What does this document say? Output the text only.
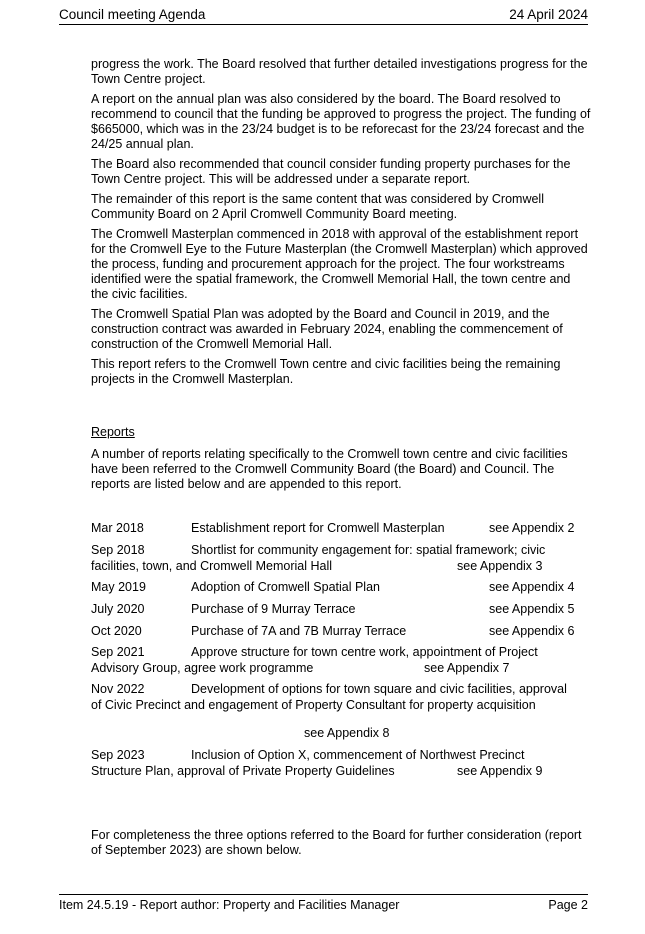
Council meeting Agenda	24 April 2024

progress the work. The Board resolved that further detailed investigations progress for the Town Centre project.

A report on the annual plan was also considered by the board. The Board resolved to recommend to council that the funding be approved to progress the project. The funding of $665000, which was in the 23/24 budget is to be reforecast for the 23/24 forecast and the 24/25 annual plan.

The Board also recommended that council consider funding property purchases for the Town Centre project. This will be addressed under a separate report.

The remainder of this report is the same content that was considered by Cromwell Community Board on 2 April Cromwell Community Board meeting.

The Cromwell Masterplan commenced in 2018 with approval of the establishment report for the Cromwell Eye to the Future Masterplan (the Cromwell Masterplan) which approved the process, funding and procurement approach for the project. The four workstreams identified were the spatial framework, the Cromwell Memorial Hall, the town centre and the civic facilities.

The Cromwell Spatial Plan was adopted by the Board and Council in 2019, and the construction contract was awarded in February 2024, enabling the commencement of construction of the Cromwell Memorial Hall.

This report refers to the Cromwell Town centre and civic facilities being the remaining projects in the Cromwell Masterplan.

Reports

A number of reports relating specifically to the Cromwell town centre and civic facilities have been referred to the Cromwell Community Board (the Board) and Council. The reports are listed below and are appended to this report.

Mar 2018	Establishment report for Cromwell Masterplan	see Appendix 2
Sep 2018	Shortlist for community engagement for: spatial framework; civic
facilities, town, and Cromwell Memorial Hall	see Appendix 3
May 2019	Adoption of Cromwell Spatial Plan	see Appendix 4
July 2020	Purchase of 9 Murray Terrace	see Appendix 5
Oct 2020	Purchase of 7A and 7B Murray Terrace	see Appendix 6
Sep 2021	Approve structure for town centre work, appointment of Project
Advisory Group, agree work programme	see Appendix 7
Nov 2022	Development of options for town square and civic facilities, approval
of Civic Precinct and engagement of Property Consultant for property acquisition
see Appendix 8
Sep 2023	Inclusion of Option X, commencement of Northwest Precinct
Structure Plan, approval of Private Property Guidelines	see Appendix 9

For completeness the three options referred to the Board for further consideration (report of September 2023) are shown below.

Item 24.5.19 - Report author: Property and Facilities Manager	Page 2
